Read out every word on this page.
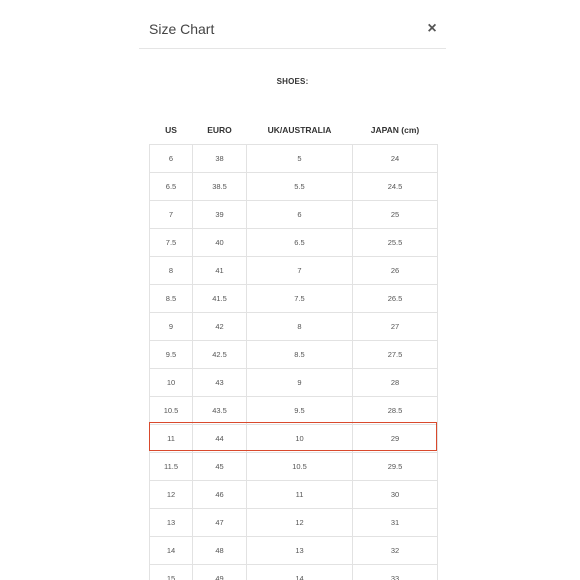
Size Chart	×
SHOES:
US	EURO	UK/AUSTRALIA	JAPAN (cm)
6	38	5	24
6.5	38.5	5.5	24.5
7	39	6	25
7.5	40	6.5	25.5
8	41	7	26
8.5	41.5	7.5	26.5
9	42	8	27
9.5	42.5	8.5	27.5
10	43	9	28
10.5	43.5	9.5	28.5
11	44	10	29
11.5	45	10.5	29.5
12	46	11	30
13	47	12	31
14	48	13	32
15	49	14	33
